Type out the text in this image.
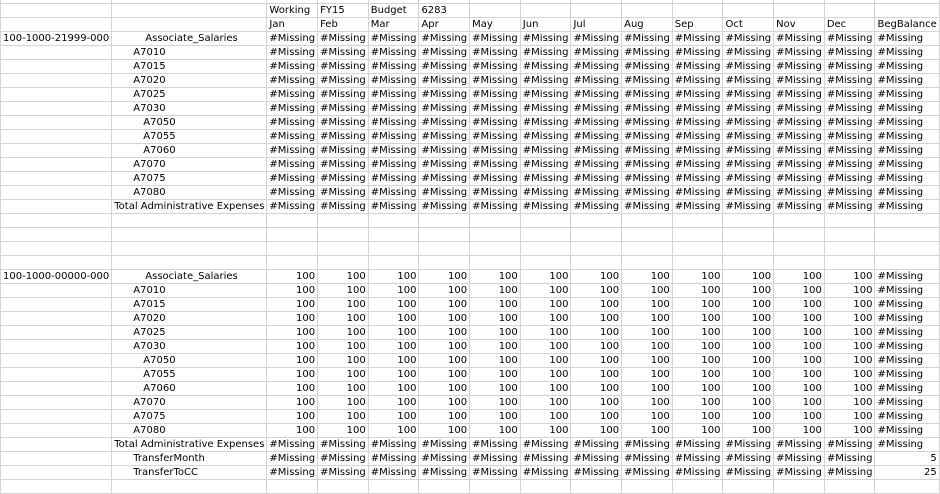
		Working	FY15	Budget	6283									
		Jan	Feb	Mar	Apr	May	Jun	Jul	Aug	Sep	Oct	Nov	Dec	BegBalance
100-1000-21999-000	Associate_Salaries	#Missing	#Missing	#Missing	#Missing	#Missing	#Missing	#Missing	#Missing	#Missing	#Missing	#Missing	#Missing	#Missing
	A7010	#Missing	#Missing	#Missing	#Missing	#Missing	#Missing	#Missing	#Missing	#Missing	#Missing	#Missing	#Missing	#Missing
	A7015	#Missing	#Missing	#Missing	#Missing	#Missing	#Missing	#Missing	#Missing	#Missing	#Missing	#Missing	#Missing	#Missing
	A7020	#Missing	#Missing	#Missing	#Missing	#Missing	#Missing	#Missing	#Missing	#Missing	#Missing	#Missing	#Missing	#Missing
	A7025	#Missing	#Missing	#Missing	#Missing	#Missing	#Missing	#Missing	#Missing	#Missing	#Missing	#Missing	#Missing	#Missing
	A7030	#Missing	#Missing	#Missing	#Missing	#Missing	#Missing	#Missing	#Missing	#Missing	#Missing	#Missing	#Missing	#Missing
	A7050	#Missing	#Missing	#Missing	#Missing	#Missing	#Missing	#Missing	#Missing	#Missing	#Missing	#Missing	#Missing	#Missing
	A7055	#Missing	#Missing	#Missing	#Missing	#Missing	#Missing	#Missing	#Missing	#Missing	#Missing	#Missing	#Missing	#Missing
	A7060	#Missing	#Missing	#Missing	#Missing	#Missing	#Missing	#Missing	#Missing	#Missing	#Missing	#Missing	#Missing	#Missing
	A7070	#Missing	#Missing	#Missing	#Missing	#Missing	#Missing	#Missing	#Missing	#Missing	#Missing	#Missing	#Missing	#Missing
	A7075	#Missing	#Missing	#Missing	#Missing	#Missing	#Missing	#Missing	#Missing	#Missing	#Missing	#Missing	#Missing	#Missing
	A7080	#Missing	#Missing	#Missing	#Missing	#Missing	#Missing	#Missing	#Missing	#Missing	#Missing	#Missing	#Missing	#Missing
	Total Administrative Expenses	#Missing	#Missing	#Missing	#Missing	#Missing	#Missing	#Missing	#Missing	#Missing	#Missing	#Missing	#Missing	#Missing

100-1000-00000-000	Associate_Salaries	100	100	100	100	100	100	100	100	100	100	100	100	#Missing
	A7010	100	100	100	100	100	100	100	100	100	100	100	100	#Missing
	A7015	100	100	100	100	100	100	100	100	100	100	100	100	#Missing
	A7020	100	100	100	100	100	100	100	100	100	100	100	100	#Missing
	A7025	100	100	100	100	100	100	100	100	100	100	100	100	#Missing
	A7030	100	100	100	100	100	100	100	100	100	100	100	100	#Missing
	A7050	100	100	100	100	100	100	100	100	100	100	100	100	#Missing
	A7055	100	100	100	100	100	100	100	100	100	100	100	100	#Missing
	A7060	100	100	100	100	100	100	100	100	100	100	100	100	#Missing
	A7070	100	100	100	100	100	100	100	100	100	100	100	100	#Missing
	A7075	100	100	100	100	100	100	100	100	100	100	100	100	#Missing
	A7080	100	100	100	100	100	100	100	100	100	100	100	100	#Missing
	Total Administrative Expenses	#Missing	#Missing	#Missing	#Missing	#Missing	#Missing	#Missing	#Missing	#Missing	#Missing	#Missing	#Missing	#Missing
	TransferMonth	#Missing	#Missing	#Missing	#Missing	#Missing	#Missing	#Missing	#Missing	#Missing	#Missing	#Missing	#Missing	5
	TransferToCC	#Missing	#Missing	#Missing	#Missing	#Missing	#Missing	#Missing	#Missing	#Missing	#Missing	#Missing	#Missing	25
